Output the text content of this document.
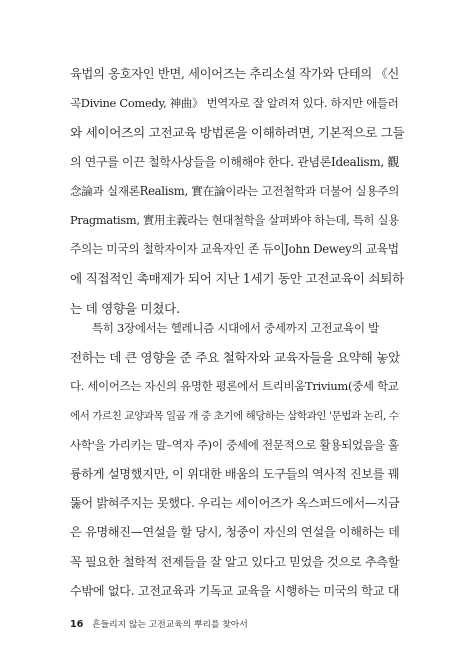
육법의 옹호자인 반면, 세이어즈는 추리소설 작가와 단테의 《신
곡Divine Comedy, 神曲》 번역자로 잘 알려져 있다. 하지만 애들러
와 세이어즈의 고전교육 방법론을 이해하려면, 기본적으로 그들
의 연구를 이끈 철학사상들을 이해해야 한다. 관념론Idealism, 觀
念論과 실재론Realism, 實在論이라는 고전철학과 더불어 실용주의
Pragmatism, 實用主義라는 현대철학을 살펴봐야 하는데, 특히 실용
주의는 미국의 철학자이자 교육자인 존 듀이John Dewey의 교육법
에 직접적인 촉매제가 되어 지난 1세기 동안 고전교육이 쇠퇴하
는 데 영향을 미쳤다.
특히 3장에서는 헬레니즘 시대에서 중세까지 고전교육이 발
전하는 데 큰 영향을 준 주요 철학자와 교육자들을 요약해 놓았
다. 세이어즈는 자신의 유명한 평론에서 트리비움Trivium(중세 학교
에서 가르친 교양과목 일곱 개 중 초기에 해당하는 삼학과인 '문법과 논리, 수
사학'을 가리키는 말–역자 주)이 중세에 전문적으로 활용되었음을 훌
륭하게 설명했지만, 이 위대한 배움의 도구들의 역사적 진보를 꿰
뚫어 밝혀주지는 못했다. 우리는 세이어즈가 옥스퍼드에서—지금
은 유명해진—연설을 할 당시, 청중이 자신의 연설을 이해하는 데
꼭 필요한 철학적 전제들을 잘 알고 있다고 믿었을 것으로 추측할
수밖에 없다. 고전교육과 기독교 교육을 시행하는 미국의 학교 대
16 흔들리지 않는 고전교육의 뿌리를 찾아서
